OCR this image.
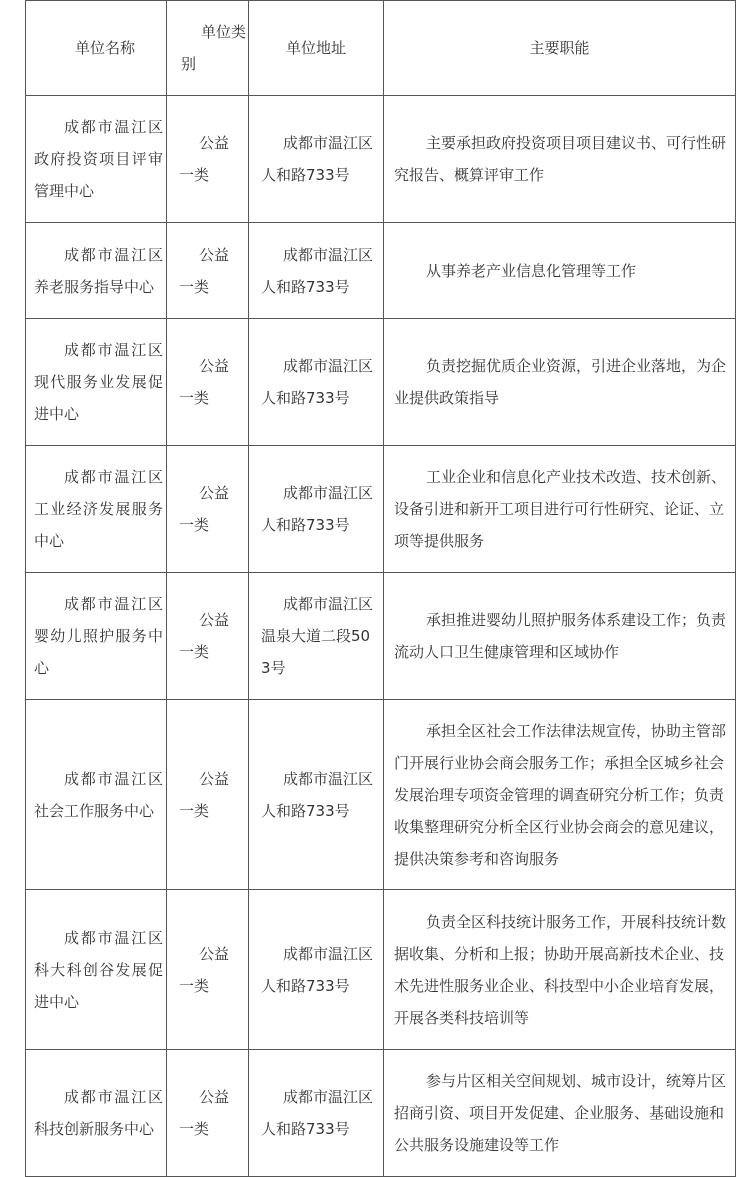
单位名称	单位类别	单位地址	主要职能

成都市温江区政府投资项目评审管理中心	公益一类	成都市温江区人和路733号	主要承担政府投资项目项目建议书、可行性研究报告、概算评审工作

成都市温江区养老服务指导中心	公益一类	成都市温江区人和路733号	从事养老产业信息化管理等工作

成都市温江区现代服务业发展促进中心	公益一类	成都市温江区人和路733号	负责挖掘优质企业资源，引进企业落地，为企业提供政策指导

成都市温江区工业经济发展服务中心	公益一类	成都市温江区人和路733号	工业企业和信息化产业技术改造、技术创新、设备引进和新开工项目进行可行性研究、论证、立项等提供服务

成都市温江区婴幼儿照护服务中心	公益一类	成都市温江区温泉大道二段503号	承担推进婴幼儿照护服务体系建设工作；负责流动人口卫生健康管理和区域协作

成都市温江区社会工作服务中心	公益一类	成都市温江区人和路733号	承担全区社会工作法律法规宣传，协助主管部门开展行业协会商会服务工作；承担全区城乡社会发展治理专项资金管理的调查研究分析工作；负责收集整理研究分析全区行业协会商会的意见建议，提供决策参考和咨询服务

成都市温江区科大科创谷发展促进中心	公益一类	成都市温江区人和路733号	负责全区科技统计服务工作，开展科技统计数据收集、分析和上报；协助开展高新技术企业、技术先进性服务业企业、科技型中小企业培育发展，开展各类科技培训等

成都市温江区科技创新服务中心	公益一类	成都市温江区人和路733号	参与片区相关空间规划、城市设计，统筹片区招商引资、项目开发促建、企业服务、基础设施和公共服务设施建设等工作
